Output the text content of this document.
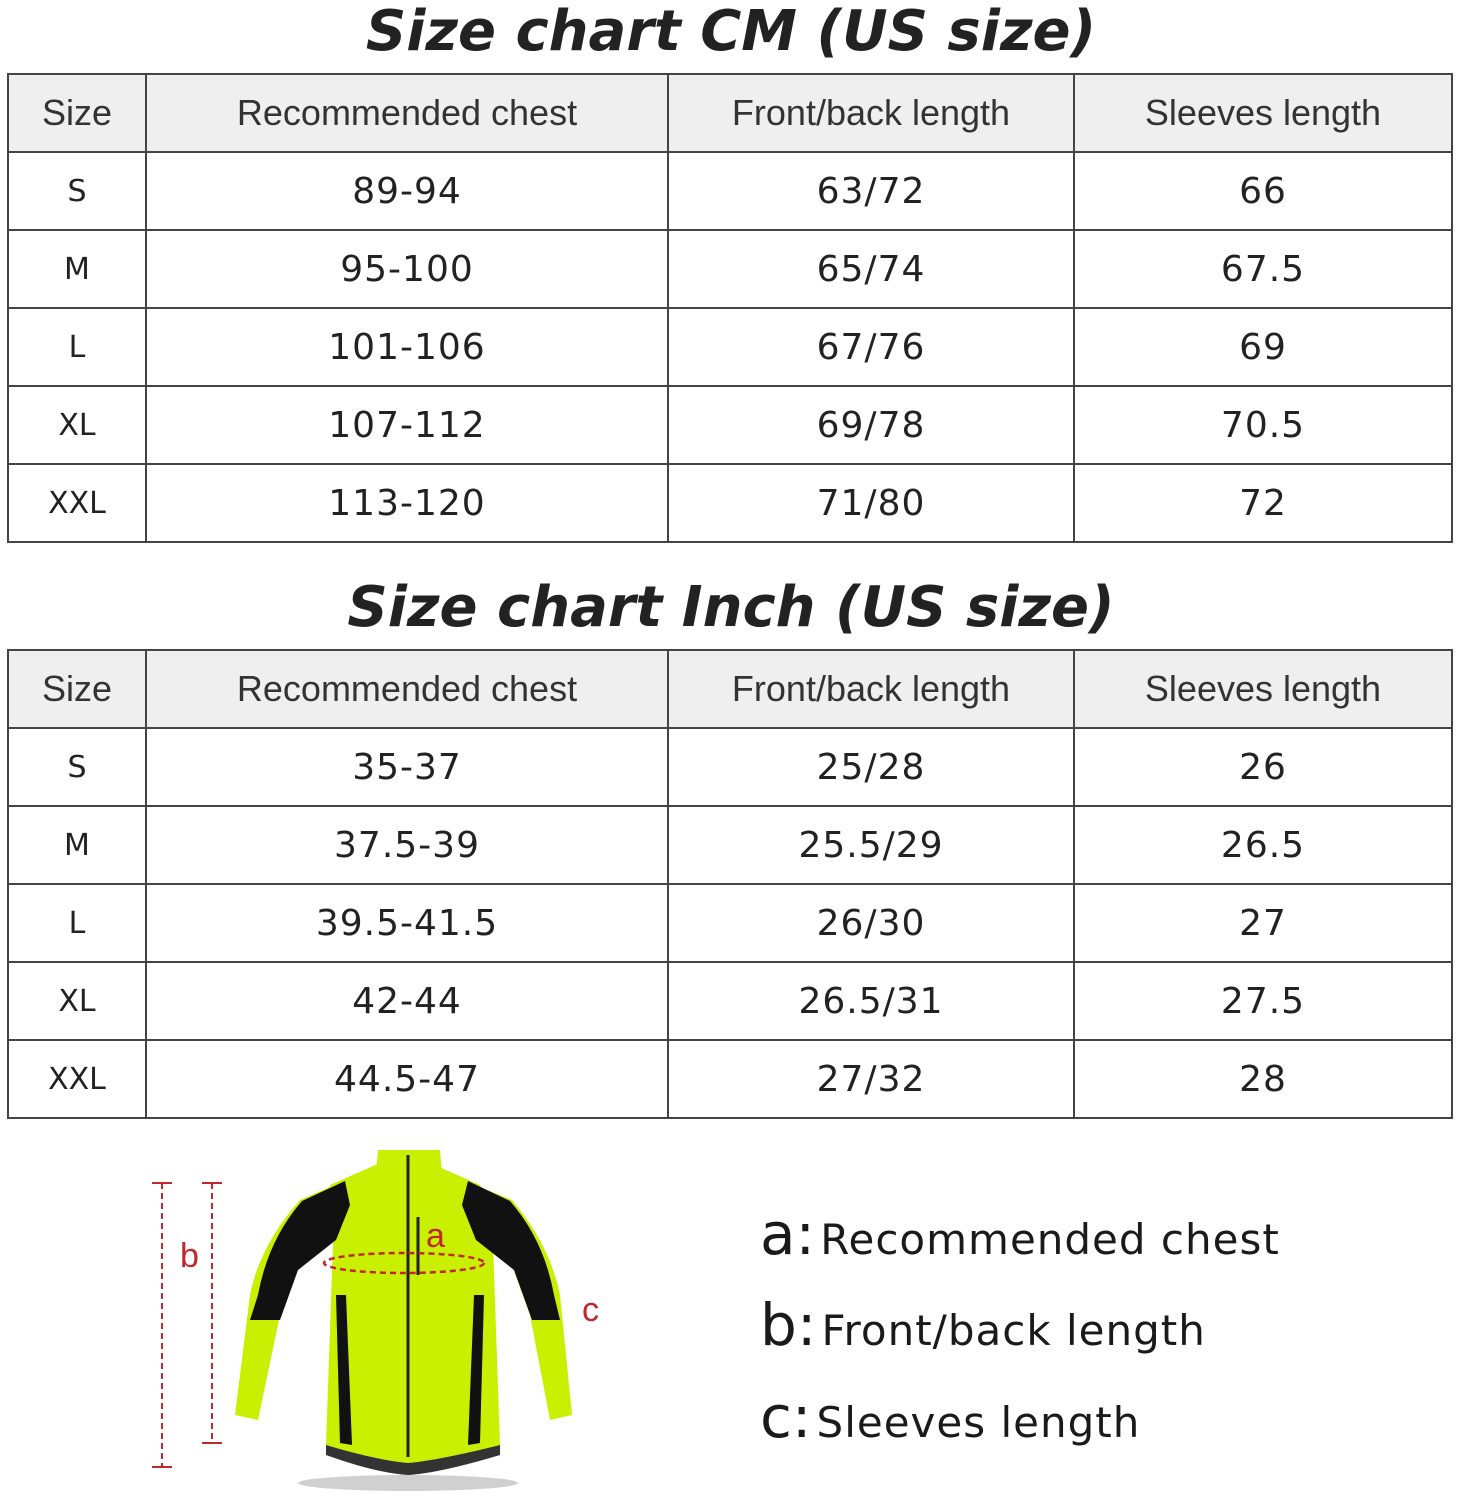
Size chart CM (US size)
Size	Recommended chest	Front/back length	Sleeves length
S	89-94	63/72	66
M	95-100	65/74	67.5
L	101-106	67/76	69
XL	107-112	69/78	70.5
XXL	113-120	71/80	72
Size chart Inch (US size)
Size	Recommended chest	Front/back length	Sleeves length
S	35-37	25/28	26
M	37.5-39	25.5/29	26.5
L	39.5-41.5	26/30	27
XL	42-44	26.5/31	27.5
XXL	44.5-47	27/32	28
a
b
c
a: Recommended chest
b: Front/back length
c: Sleeves length
